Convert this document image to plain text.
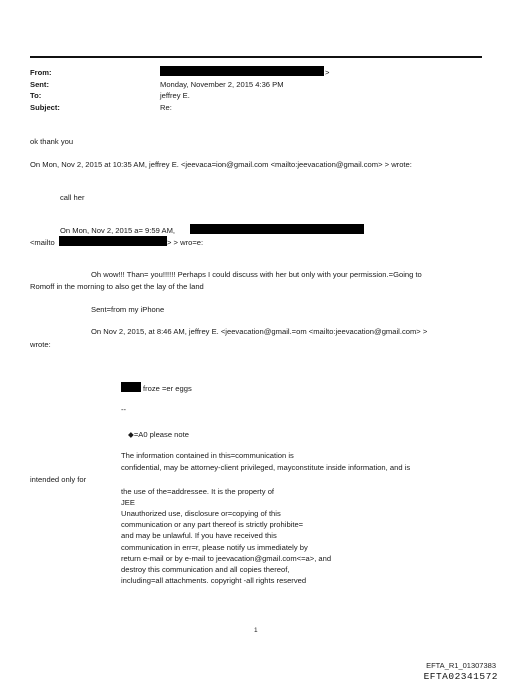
From:
Sent:
To:
Subject:
>
Monday, November 2, 2015 4:36 PM
jeffrey E.
Re:
ok thank you
On Mon, Nov 2, 2015 at 10:35 AM, jeffrey E. <jeevaca=ion@gmail.com <mailto:jeevacation@gmail.com> > wrote:
call her
On Mon, Nov 2, 2015 a= 9:59 AM,
<mailto	> > wro=e:
Oh wow!!! Than= you!!!!!! Perhaps I could discuss with her but only with your permission.=Going to
Romoff in the morning to also get the lay of the land
Sent=from my iPhone
On Nov 2, 2015, at 8:46 AM, jeffrey E. <jeevacation@gmail.=om <mailto:jeevacation@gmail.com> >
wrote:
froze =er eggs
--
◆=A0 please note
The information contained in this=communication is
confidential, may be attorney-client privileged, mayconstitute inside information, and is
intended only for
the use of the=addressee. It is the property of
JEE
Unauthorized use, disclosure or=copying of this
communication or any part thereof is strictly prohibite=
and may be unlawful. If you have received this
communication in err=r, please notify us immediately by
return e-mail or by e-mail to jeevacation@gmail.com<=a>, and
destroy this communication and all copies thereof,
including=all attachments. copyright -all rights reserved
1
EFTA_R1_01307383
EFTA02341572
